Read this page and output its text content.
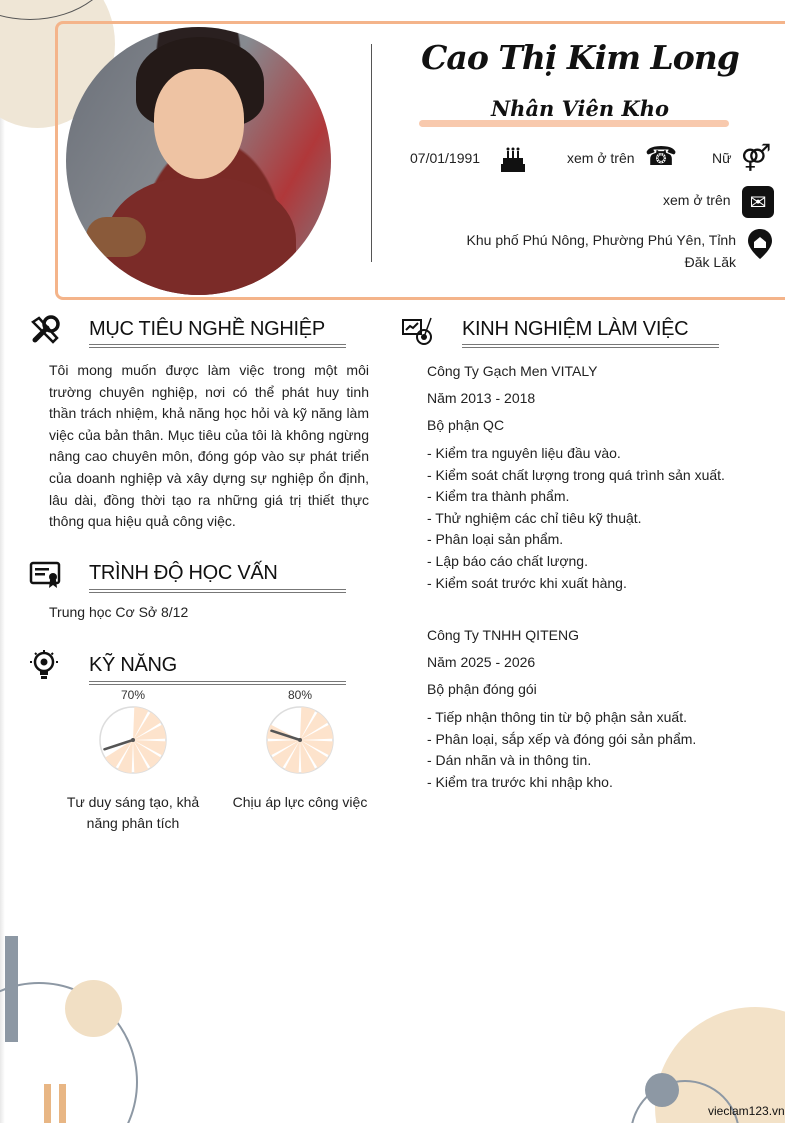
Cao Thị Kim Long
Nhân Viên Kho
07/01/1991	xem ở trên ☎ Nữ ⚤
xem ở trên ✉
Khu phố Phú Nông, Phường Phú Yên, Tỉnh
Đăk Lăk
MỤC TIÊU NGHỀ NGHIỆP
Tôi mong muốn được làm việc trong một môi trường chuyên nghiệp, nơi có thể phát huy tinh thần trách nhiệm, khả năng học hỏi và kỹ năng làm việc của bản thân. Mục tiêu của tôi là không ngừng nâng cao chuyên môn, đóng góp vào sự phát triển của doanh nghiệp và xây dựng sự nghiệp ổn định, lâu dài, đồng thời tạo ra những giá trị thiết thực thông qua hiệu quả công việc.
TRÌNH ĐỘ HỌC VẤN
Trung học Cơ Sở 8/12
KỸ NĂNG
70%
Tư duy sáng tạo, khả năng phân tích
80%
Chịu áp lực công việc
KINH NGHIỆM LÀM VIỆC
Công Ty Gạch Men VITALY
Năm 2013 - 2018
Bộ phận QC
- Kiểm tra nguyên liệu đầu vào.
- Kiểm soát chất lượng trong quá trình sản xuất.
- Kiểm tra thành phẩm.
- Thử nghiệm các chỉ tiêu kỹ thuật.
- Phân loại sản phẩm.
- Lập báo cáo chất lượng.
- Kiểm soát trước khi xuất hàng.
Công Ty TNHH QITENG
Năm 2025 - 2026
Bộ phận đóng gói
- Tiếp nhận thông tin từ bộ phận sản xuất.
- Phân loại, sắp xếp và đóng gói sản phẩm.
- Dán nhãn và in thông tin.
- Kiểm tra trước khi nhập kho.
vieclam123.vn
